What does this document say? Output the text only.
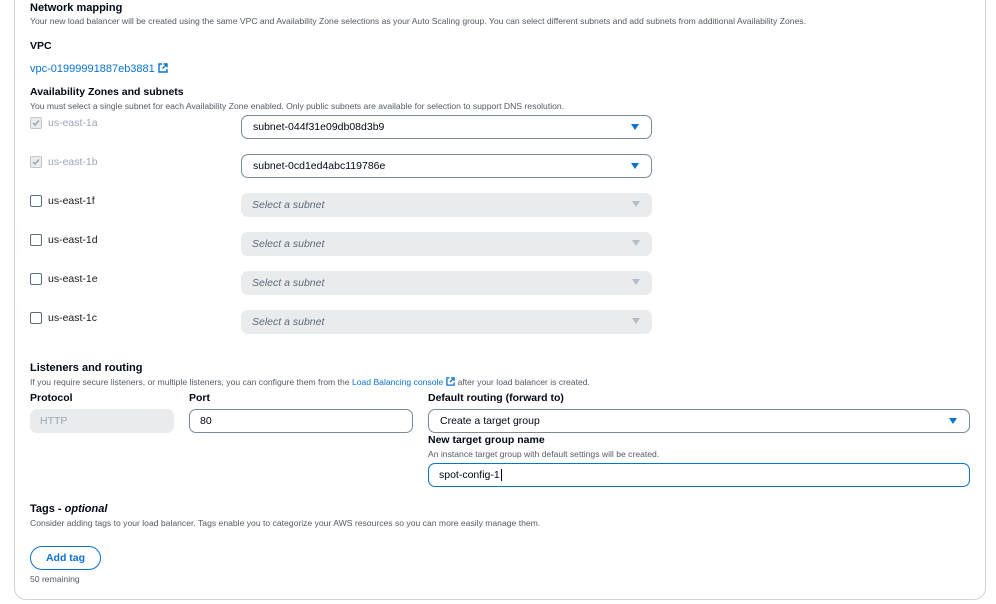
Network mapping
Your new load balancer will be created using the same VPC and Availability Zone selections as your Auto Scaling group. You can select different subnets and add subnets from additional Availability Zones.
VPC
vpc-01999991887eb3881
Availability Zones and subnets
You must select a single subnet for each Availability Zone enabled. Only public subnets are available for selection to support DNS resolution.
us-east-1a	subnet-044f31e09db08d3b9
us-east-1b	subnet-0cd1ed4abc119786e
us-east-1f	Select a subnet
us-east-1d	Select a subnet
us-east-1e	Select a subnet
us-east-1c	Select a subnet
Listeners and routing
If you require secure listeners, or multiple listeners, you can configure them from the Load Balancing console after your load balancer is created.
Protocol
HTTP
Port
80
Default routing (forward to)
Create a target group
New target group name
An instance target group with default settings will be created.
spot-config-1
Tags - optional
Consider adding tags to your load balancer. Tags enable you to categorize your AWS resources so you can more easily manage them.
Add tag
50 remaining
